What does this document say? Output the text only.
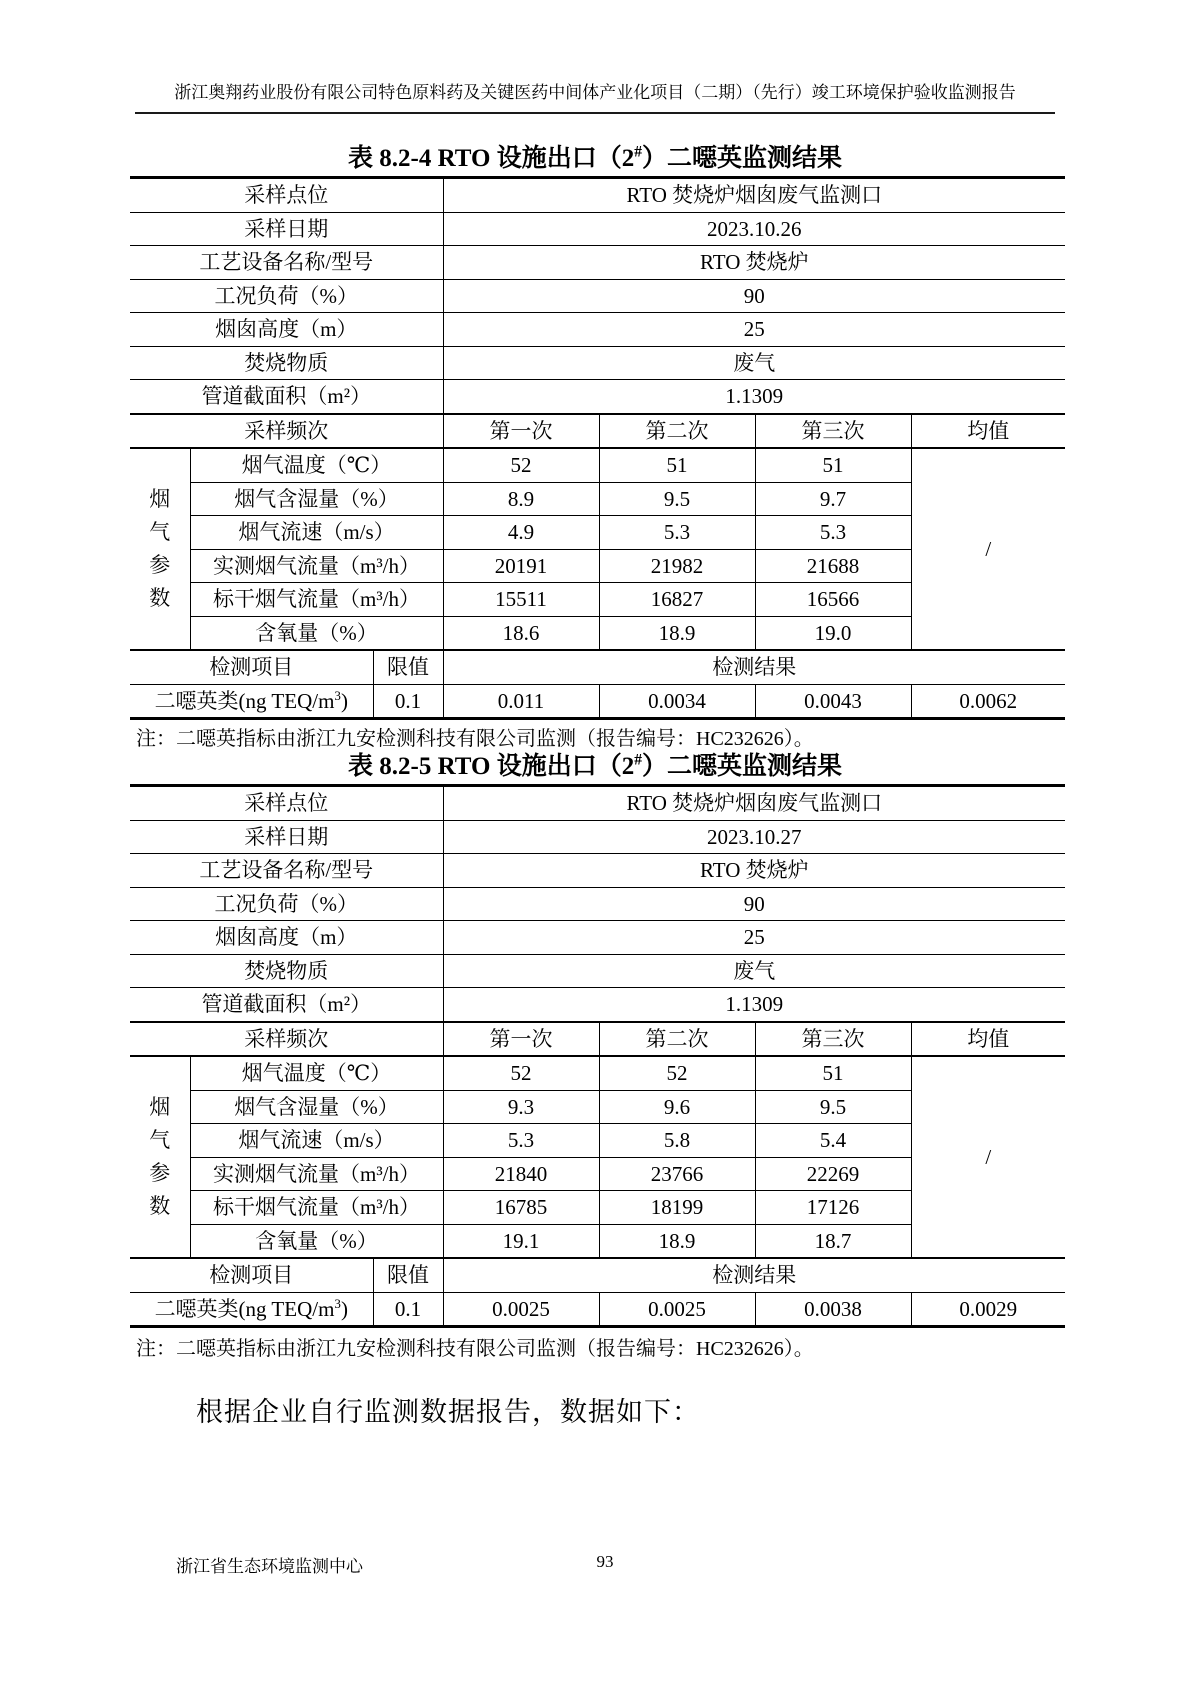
浙江奥翔药业股份有限公司特色原料药及关键医药中间体产业化项目（二期）（先行）竣工环境保护验收监测报告
表 8.2-4 RTO 设施出口（2#）二噁英监测结果
采样点位			RTO 焚烧炉烟囱废气监测口			
采样日期			2023.10.26			
工艺设备名称/型号			RTO 焚烧炉			
工况负荷（%）			90			
烟囱高度（m）			25			
焚烧物质			废气			
管道截面积（m²）			1.1309			
采样频次			第一次	第二次	第三次	均值

烟气参数	烟气温度（℃）		52	51	51	/
	烟气含湿量（%）		8.9	9.5	9.7	
	烟气流速（m/s）		4.9	5.3	5.3	
	实测烟气流量（m³/h）		20191	21982	21688	
	标干烟气流量（m³/h）		15511	16827	16566	
	含氧量（%）		18.6	18.9	19.0	
检测项目		限值	检测结果			
二噁英类(ng TEQ/$m^3$)		0.1	0.011	0.0034	0.0043	0.0062

注：二噁英指标由浙江九安检测科技有限公司监测（报告编号：HC232626）。

表 8.2-5 RTO 设施出口（2#）二噁英监测结果
采样点位			RTO 焚烧炉烟囱废气监测口			
采样日期			2023.10.27			
工艺设备名称/型号			RTO 焚烧炉			
工况负荷（%）			90			
烟囱高度（m）			25			
焚烧物质			废气			
管道截面积（m²）			1.1309			
采样频次			第一次	第二次	第三次	均值

烟气参数	烟气温度（℃）		52	52	51	/
	烟气含湿量（%）		9.3	9.6	9.5	
	烟气流速（m/s）		5.3	5.8	5.4	
	实测烟气流量（m³/h）		21840	23766	22269	
	标干烟气流量（m³/h）		16785	18199	17126	
	含氧量（%）		19.1	18.9	18.7	
检测项目		限值	检测结果			
二噁英类(ng TEQ/$m^3$)		0.1	0.0025	0.0025	0.0038	0.0029

注：二噁英指标由浙江九安检测科技有限公司监测（报告编号：HC232626）。

根据企业自行监测数据报告，数据如下：

浙江省生态环境监测中心	93
